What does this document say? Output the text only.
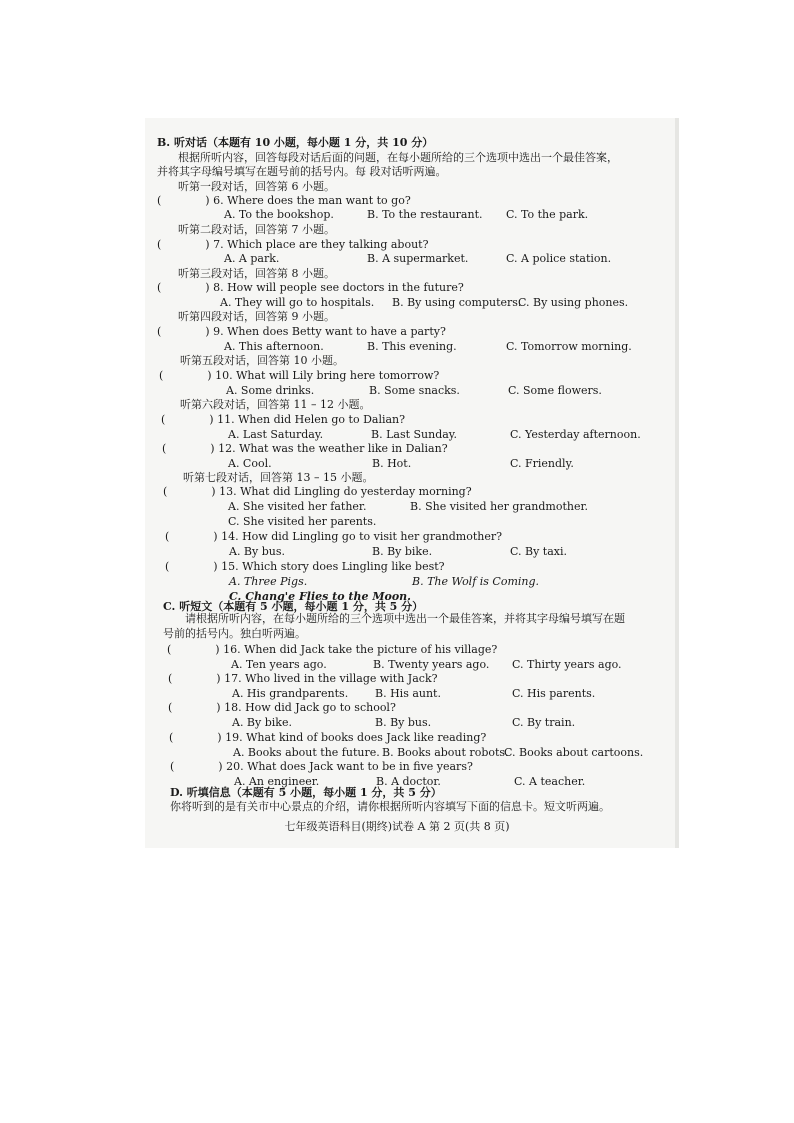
B. 听对话（本题有 10 小题，每小题 1 分，共 10 分）
根据所听内容，回答每段对话后面的问题，在每小题所给的三个选项中选出一个最佳答案，
并将其字母编号填写在题号前的括号内。每 段对话听两遍。
听第一段对话，回答第 6 小题。
(	) 6. Where does the man want to go?
A. To the bookshop.	B. To the restaurant. C. To the park.
听第二段对话，回答第 7 小题。
(	) 7. Which place are they talking about?
A. A park.	B. A supermarket.	C. A police station.
听第三段对话，回答第 8 小题。
(	) 8. How will people see doctors in the future?
A. They will go to hospitals. B. By using computers.
C. By using phones.
听第四段对话，回答第 9 小题。
(	) 9. When does Betty want to have a party?
A. This afternoon.	B. This evening.	C. Tomorrow morning.
听第五段对话，回答第 10 小题。
(	) 10. What will Lily bring here tomorrow?
A. Some drinks.	B. Some snacks.	C. Some flowers.
听第六段对话，回答第 11 – 12 小题。
(	) 11. When did Helen go to Dalian?
A. Last Saturday.	B. Last Sunday.	C. Yesterday afternoon.
(	) 12. What was the weather like in Dalian?
A. Cool.	B. Hot.	C. Friendly.
听第七段对话，回答第 13 – 15 小题。
(	) 13. What did Lingling do yesterday morning?
A. She visited her father.	B. She visited her grandmother.
C. She visited her parents.
(	) 14. How did Lingling go to visit her grandmother?
A. By bus.	B. By bike.	C. By taxi.
(	) 15. Which story does Lingling like best?
A. Three Pigs.	B. The Wolf is Coming.
C. Chang'e Flies to the Moon.
C. 听短文（本题有 5 小题，每小题 1 分，共 5 分）
请根据所听内容，在每小题所给的三个选项中选出一个最佳答案，并将其字母编号填写在题
号前的括号内。独白听两遍。
(	) 16. When did Jack take the picture of his village?
A. Ten years ago.	B. Twenty years ago. C. Thirty years ago.
(	) 17. Who lived in the village with Jack?
A. His grandparents. B. His aunt.	C. His parents.
(	) 18. How did Jack go to school?
A. By bike.	B. By bus.	C. By train.
(	) 19. What kind of books does Jack like reading?
A. Books about the future. B. Books about robots.
C. Books about cartoons.
(	) 20. What does Jack want to be in five years?
A. An engineer.	B. A doctor.	C. A teacher.
D. 听填信息（本题有 5 小题，每小题 1 分，共 5 分）
你将听到的是有关市中心景点的介绍，请你根据所听内容填写下面的信息卡。短文听两遍。
七年级英语科目(期终)试卷 A 第 2 页(共 8 页)
